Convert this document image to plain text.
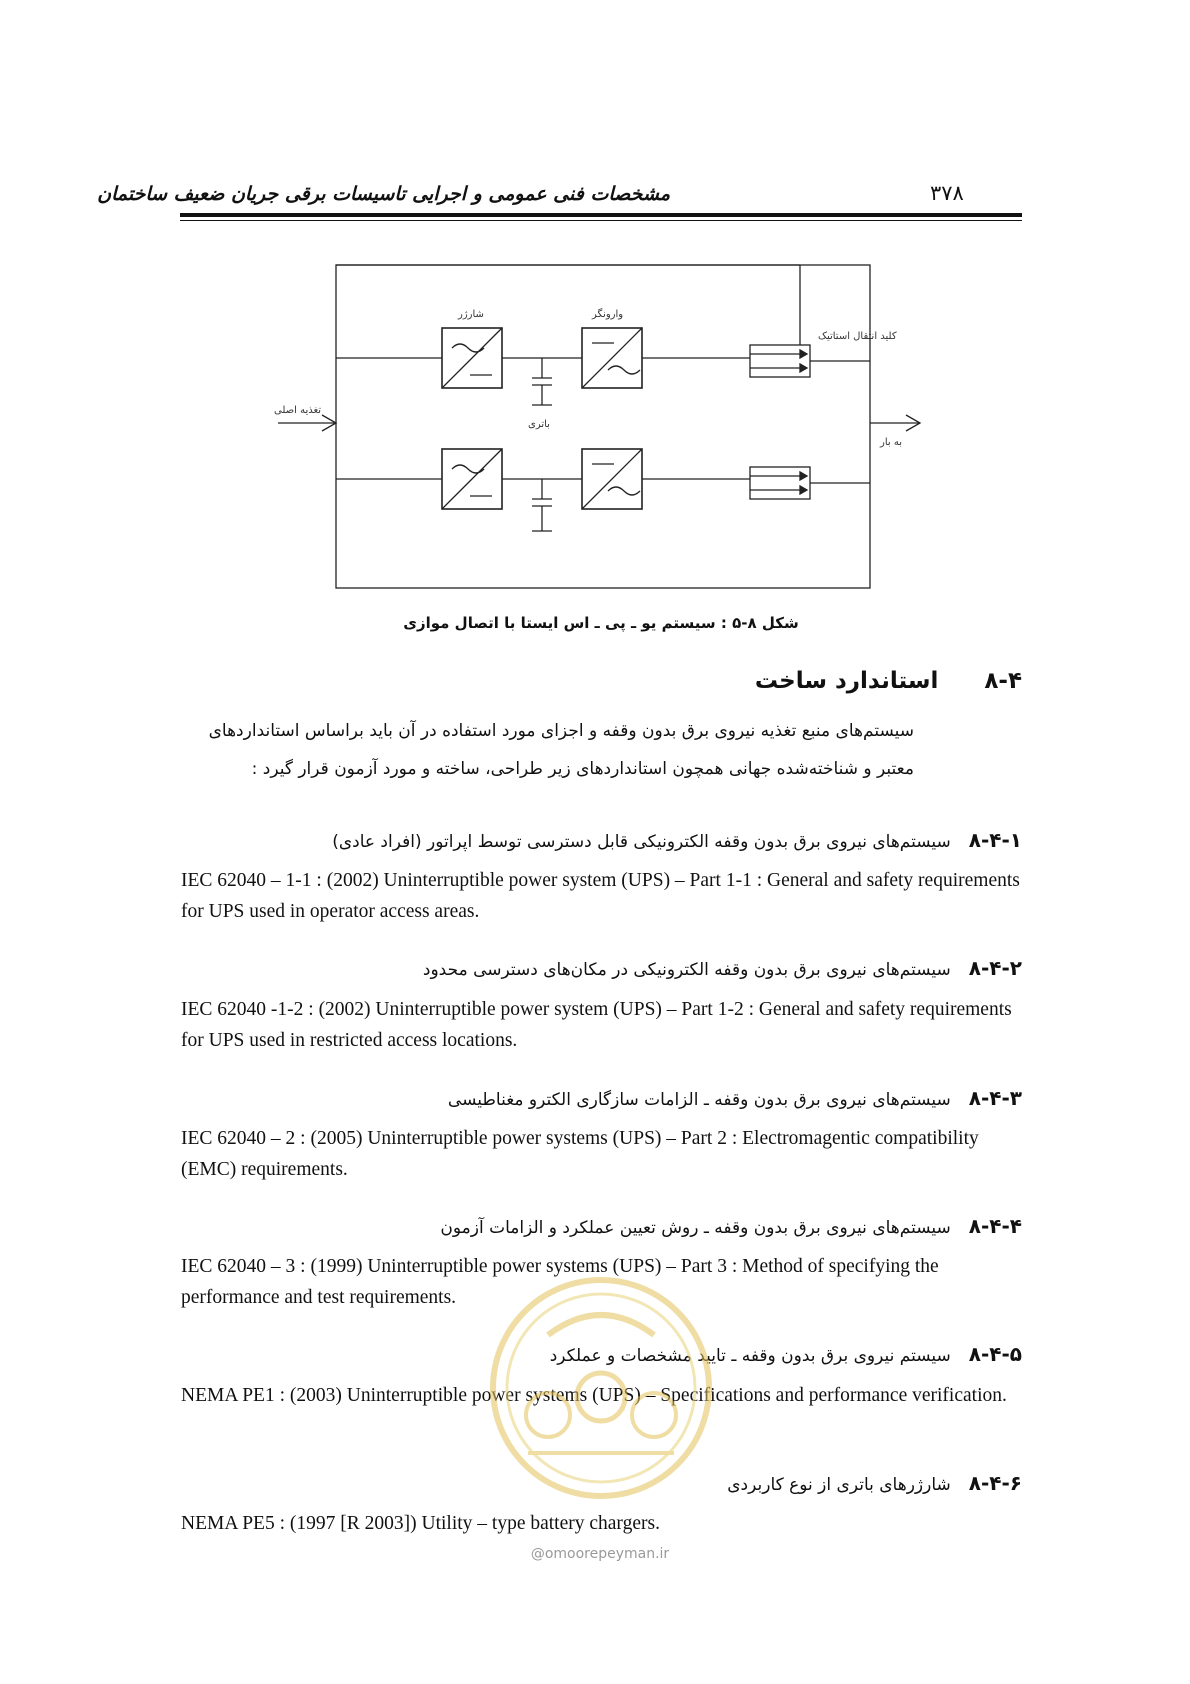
مشخصات فنی عمومی و اجرایی تاسیسات برقی جریان ضعیف ساختمان	۳۷۸
شارژر	وارونگر
کلید انتقال استاتیک
تغذیه اصلی
باتری
به بار
شکل ۸-۵ : سیستم یو ـ پی ـ اس ایستا با اتصال موازی
۸-۴استاندارد ساخت
سیستم‌های منبع تغذیه نیروی برق بدون وقفه و اجزای مورد استفاده در آن باید براساس استانداردهای
معتبر و شناخته‌شده جهانی همچون استانداردهای زیر طراحی، ساخته و مورد آزمون قرار گیرد :
۸-۴-۱سیستم‌های نیروی برق بدون وقفه الکترونیکی قابل دسترسی توسط اپراتور (افراد عادی)
IEC 62040 – 1-1 : (2002) Uninterruptible power system (UPS) – Part 1-1 : General and safety requirements for UPS used in operator access areas.
۸-۴-۲سیستم‌های نیروی برق بدون وقفه الکترونیکی در مکان‌های دسترسی محدود
IEC 62040 -1-2 : (2002) Uninterruptible power system (UPS) – Part 1-2 : General and safety requirements for UPS used in restricted access locations.
۸-۴-۳سیستم‌های نیروی برق بدون وقفه ـ الزامات سازگاری الکترو مغناطیسی
IEC 62040 – 2 : (2005) Uninterruptible power systems (UPS) – Part 2 : Electromagentic compatibility (EMC) requirements.
۸-۴-۴سیستم‌های نیروی برق بدون وقفه ـ روش تعیین عملکرد و الزامات آزمون
IEC 62040 – 3 : (1999) Uninterruptible power systems (UPS) – Part 3 : Method of specifying the performance and test requirements.
۸-۴-۵سیستم نیروی برق بدون وقفه ـ تایید مشخصات و عملکرد
NEMA PE1 : (2003) Uninterruptible power systems (UPS) – Specifications and performance verification.
۸-۴-۶شارژرهای باتری از نوع کاربردی
NEMA PE5 : (1997 [R 2003]) Utility – type battery chargers.
@omoorepeyman.ir
